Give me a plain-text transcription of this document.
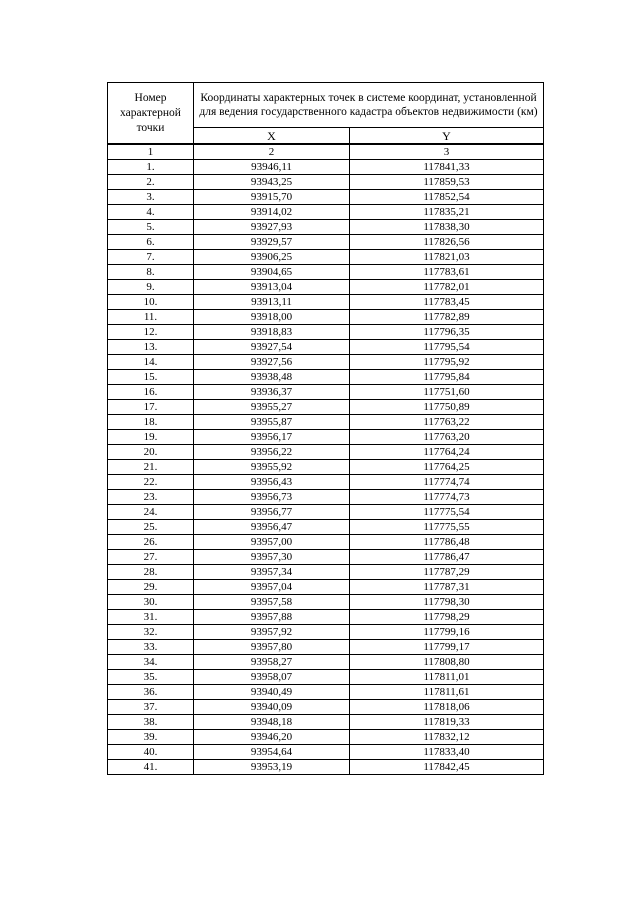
Номер характерной точки	Координаты характерных точек в системе координат, установленной для ведения государственного кадастра объектов недвижимости (км)	
	X	Y
1	2	3
1.	93946,11	117841,33
2.	93943,25	117859,53
3.	93915,70	117852,54
4.	93914,02	117835,21
5.	93927,93	117838,30
6.	93929,57	117826,56
7.	93906,25	117821,03
8.	93904,65	117783,61
9.	93913,04	117782,01
10.	93913,11	117783,45
11.	93918,00	117782,89
12.	93918,83	117796,35
13.	93927,54	117795,54
14.	93927,56	117795,92
15.	93938,48	117795,84
16.	93936,37	117751,60
17.	93955,27	117750,89
18.	93955,87	117763,22
19.	93956,17	117763,20
20.	93956,22	117764,24
21.	93955,92	117764,25
22.	93956,43	117774,74
23.	93956,73	117774,73
24.	93956,77	117775,54
25.	93956,47	117775,55
26.	93957,00	117786,48
27.	93957,30	117786,47
28.	93957,34	117787,29
29.	93957,04	117787,31
30.	93957,58	117798,30
31.	93957,88	117798,29
32.	93957,92	117799,16
33.	93957,80	117799,17
34.	93958,27	117808,80
35.	93958,07	117811,01
36.	93940,49	117811,61
37.	93940,09	117818,06
38.	93948,18	117819,33
39.	93946,20	117832,12
40.	93954,64	117833,40
41.	93953,19	117842,45
